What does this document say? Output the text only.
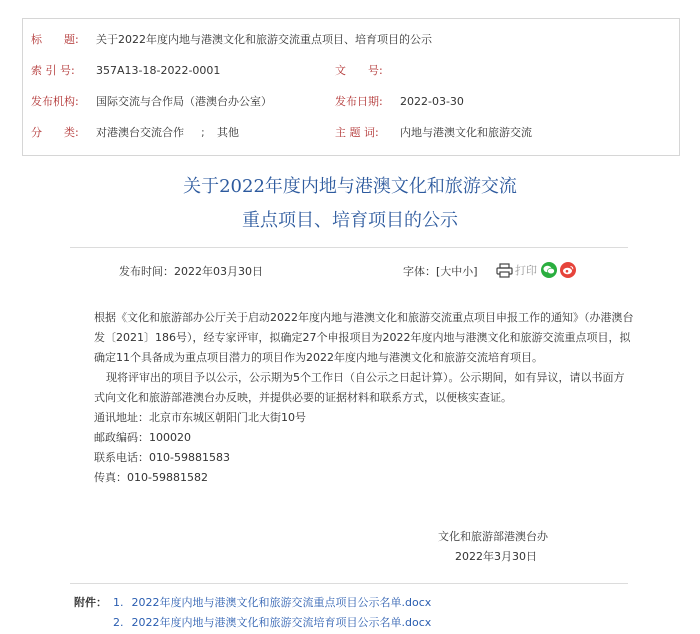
标　　题: 关于2022年度内地与港澳文化和旅游交流重点项目、培育项目的公示
索 引 号: 357A13-18-2022-0001	文　　号:
发布机构: 国际交流与合作局（港澳台办公室）	发布日期: 2022-03-30
分　　类: 对港澳台交流合作 ; 其他	主 题 词: 内地与港澳文化和旅游交流
关于2022年度内地与港澳文化和旅游交流
重点项目、培育项目的公示
发布时间：2022年03月30日	字体：[大中小]	打印
根据《文化和旅游部办公厅关于启动2022年度内地与港澳文化和旅游交流重点项目申报工作的通知》（办港澳台发〔2021〕186号），经专家评审，拟确定27个申报项目为2022年度内地与港澳文化和旅游交流重点项目，拟确定11个具备成为重点项目潜力的项目作为2022年度内地与港澳文化和旅游交流培育项目。
现将评审出的项目予以公示，公示期为5个工作日（自公示之日起计算）。公示期间，如有异议，请以书面方式向文化和旅游部港澳台办反映，并提供必要的证据材料和联系方式，以便核实查证。
通讯地址：北京市东城区朝阳门北大街10号
邮政编码：100020
联系电话：010-59881583
传真：010-59881582
文化和旅游部港澳台办
2022年3月30日
附件： 1. 2022年度内地与港澳文化和旅游交流重点项目公示名单.docx
2. 2022年度内地与港澳文化和旅游交流培育项目公示名单.docx
